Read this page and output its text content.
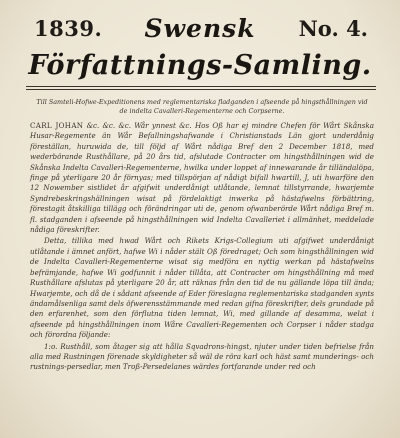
1839.	No. 4.
Swensk
Författnings-Samling.

Till Samteli-Hofwe-Expeditionens med reglementariska fladganden i afseende på hingsthållningen vid de indelta Cavalleri-Regementerne och Corpserne.

CARL JOHAN &c. &c. &c. Wår ynnest &c. Hos Oß har ej mindre Chefen för Wårt Skånska Husar-Regemente än Wår Befallningshafwande i Christianstads Län gjort underdånig föreställan, huruwida de, till följd af Wårt nådiga Bref den 2 December 1818, med wederbörande Rusthållare, på 20 års tid, afslutade Contracter om hingsthållningen wid de Skånska Indelta Cavalleri-Regementerne, hwilka under loppet af innewarande år tilländalöpa, finge på yterligare 20 år förnyas; med tillspörjan af nådigt bifall hwartill, J, uti hwarföre den 12 Nowember sistlidet år afgifwit underdånigt utlåtande, lemnat tillstyrrande, hwarjemte Syndrebeskringshällningen wisat på fördelaktigt inwerka på hästafwelns förbättring, förestagit åtskilliga tillägg och förändringar uti de, genom ofwanberörde Wårt nådiga Bref m. fl. stadganden i afseende på hingsthållningen wid Indelta Cavalleriet i allmänhet, meddelade nådiga föreskrifter.

Detta, tillika med hwad Wårt och Rikets Krigs-Collegium uti afgifwet underdånigt utlåtande i ämnet anfört, hafwe Wi i nåder stält Oß föredraget; Och som hingsthållningen wid de Indelta Cavalleri-Regementerne wisat sig medföra en nyttig werkan på hästafwelns befrämjande, hafwe Wi godfunnit i nåder tillåta, att Contracter om hingsthållning må med Rusthållare afslutas på yterligare 20 år, att räknas från den tid de nu gällande löpa till ända; Hwarjemte, och då de i sådant afseende af Eder föreslagna reglementariska stadganden synts ändamålsenliga samt dels öfwerensstämmande med redan gifna föreskrifter, dels grundade på den erfarenhet, som den förflutna tiden lemnat, Wi, med gillande af desamma, welat i afseende på hingsthållningen inom Wåre Cavalleri-Regementen och Corpser i nåder stadga och förordna följande:

1:o. Rusthåll, som åtager sig att hålla Sqvadrons-hingst, njuter under tiden befrielse från alla med Rustningen förenade skyldigheter så wäl de röra karl och häst samt munderings- och rustnings-persedlar, men Troß-Persedelanes wärdes fortfarande under red och
